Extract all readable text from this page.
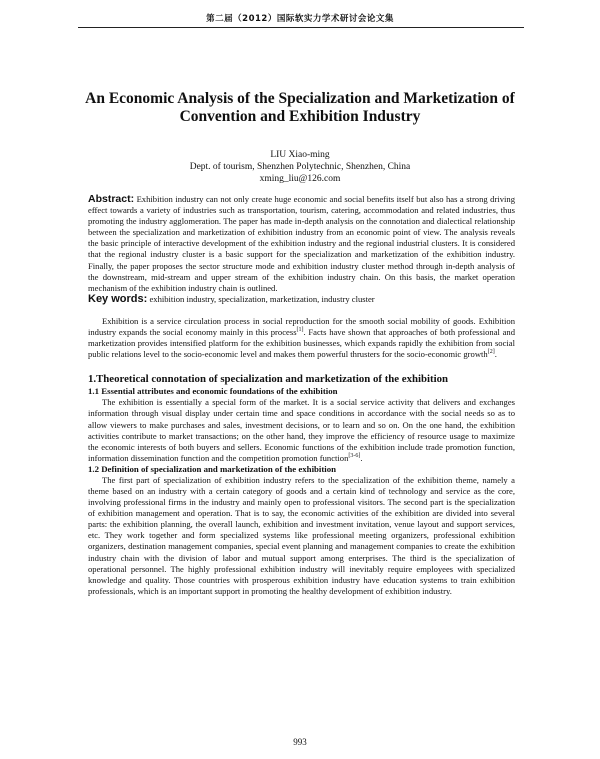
第二届（2012）国际软实力学术研讨会论文集
An Economic Analysis of the Specialization and Marketization of Convention and Exhibition Industry
LIU Xiao-ming
Dept. of tourism, Shenzhen Polytechnic, Shenzhen, China
xming_liu@126.com

Abstract: Exhibition industry can not only create huge economic and social benefits itself but also has a strong driving effect towards a variety of industries such as transportation, tourism, catering, accommodation and related industries, thus promoting the industry agglomeration. The paper has made in-depth analysis on the connotation and dialectical relationship between the specialization and marketization of exhibition industry from an economic point of view. The analysis reveals the basic principle of interactive development of the exhibition industry and the regional industrial clusters. It is considered that the regional industry cluster is a basic support for the specialization and marketization of the exhibition industry. Finally, the paper proposes the sector structure mode and exhibition industry cluster method through in-depth analysis of the downstream, mid-stream and upper stream of the exhibition industry chain. On this basis, the market operation mechanism of the exhibition industry chain is outlined.

Key words: exhibition industry, specialization, marketization, industry cluster

Exhibition is a service circulation process in social reproduction for the smooth social mobility of goods. Exhibition industry expands the social economy mainly in this process[1]. Facts have shown that approaches of both professional and marketization provides intensified platform for the exhibition businesses, which expands rapidly the exhibition from social public relations level to the socio-economic level and makes them powerful thrusters for the socio-economic growth[2].

1.Theoretical connotation of specialization and marketization of the exhibition

1.1 Essential attributes and economic foundations of the exhibition

The exhibition is essentially a special form of the market. It is a social service activity that delivers and exchanges information through visual display under certain time and space conditions in accordance with the social needs so as to allow viewers to make purchases and sales, investment decisions, or to learn and so on. On the one hand, the exhibition activities contribute to market transactions; on the other hand, they improve the efficiency of resource usage to maximize the economic interests of both buyers and sellers. Economic functions of the exhibition include trade promotion function, information dissemination function and the competition promotion function[3-6].

1.2 Definition of specialization and marketization of the exhibition

The first part of specialization of exhibition industry refers to the specialization of the exhibition theme, namely a theme based on an industry with a certain category of goods and a certain kind of technology and service as the core, involving professional firms in the industry and mainly open to professional visitors. The second part is the specialization of exhibition management and operation. That is to say, the economic activities of the exhibition are divided into several parts: the exhibition planning, the overall launch, exhibition and investment invitation, venue layout and support services, etc. They work together and form specialized systems like professional meeting organizers, professional exhibition organizers, destination management companies, special event planning and management companies to create the exhibition industry chain with the division of labor and mutual support among enterprises. The third is the specialization of operational personnel. The highly professional exhibition industry will inevitably require employees with specialized knowledge and quality. Those countries with prosperous exhibition industry have education systems to train exhibition professionals, which is an important support in promoting the healthy development of exhibition industry.

993
